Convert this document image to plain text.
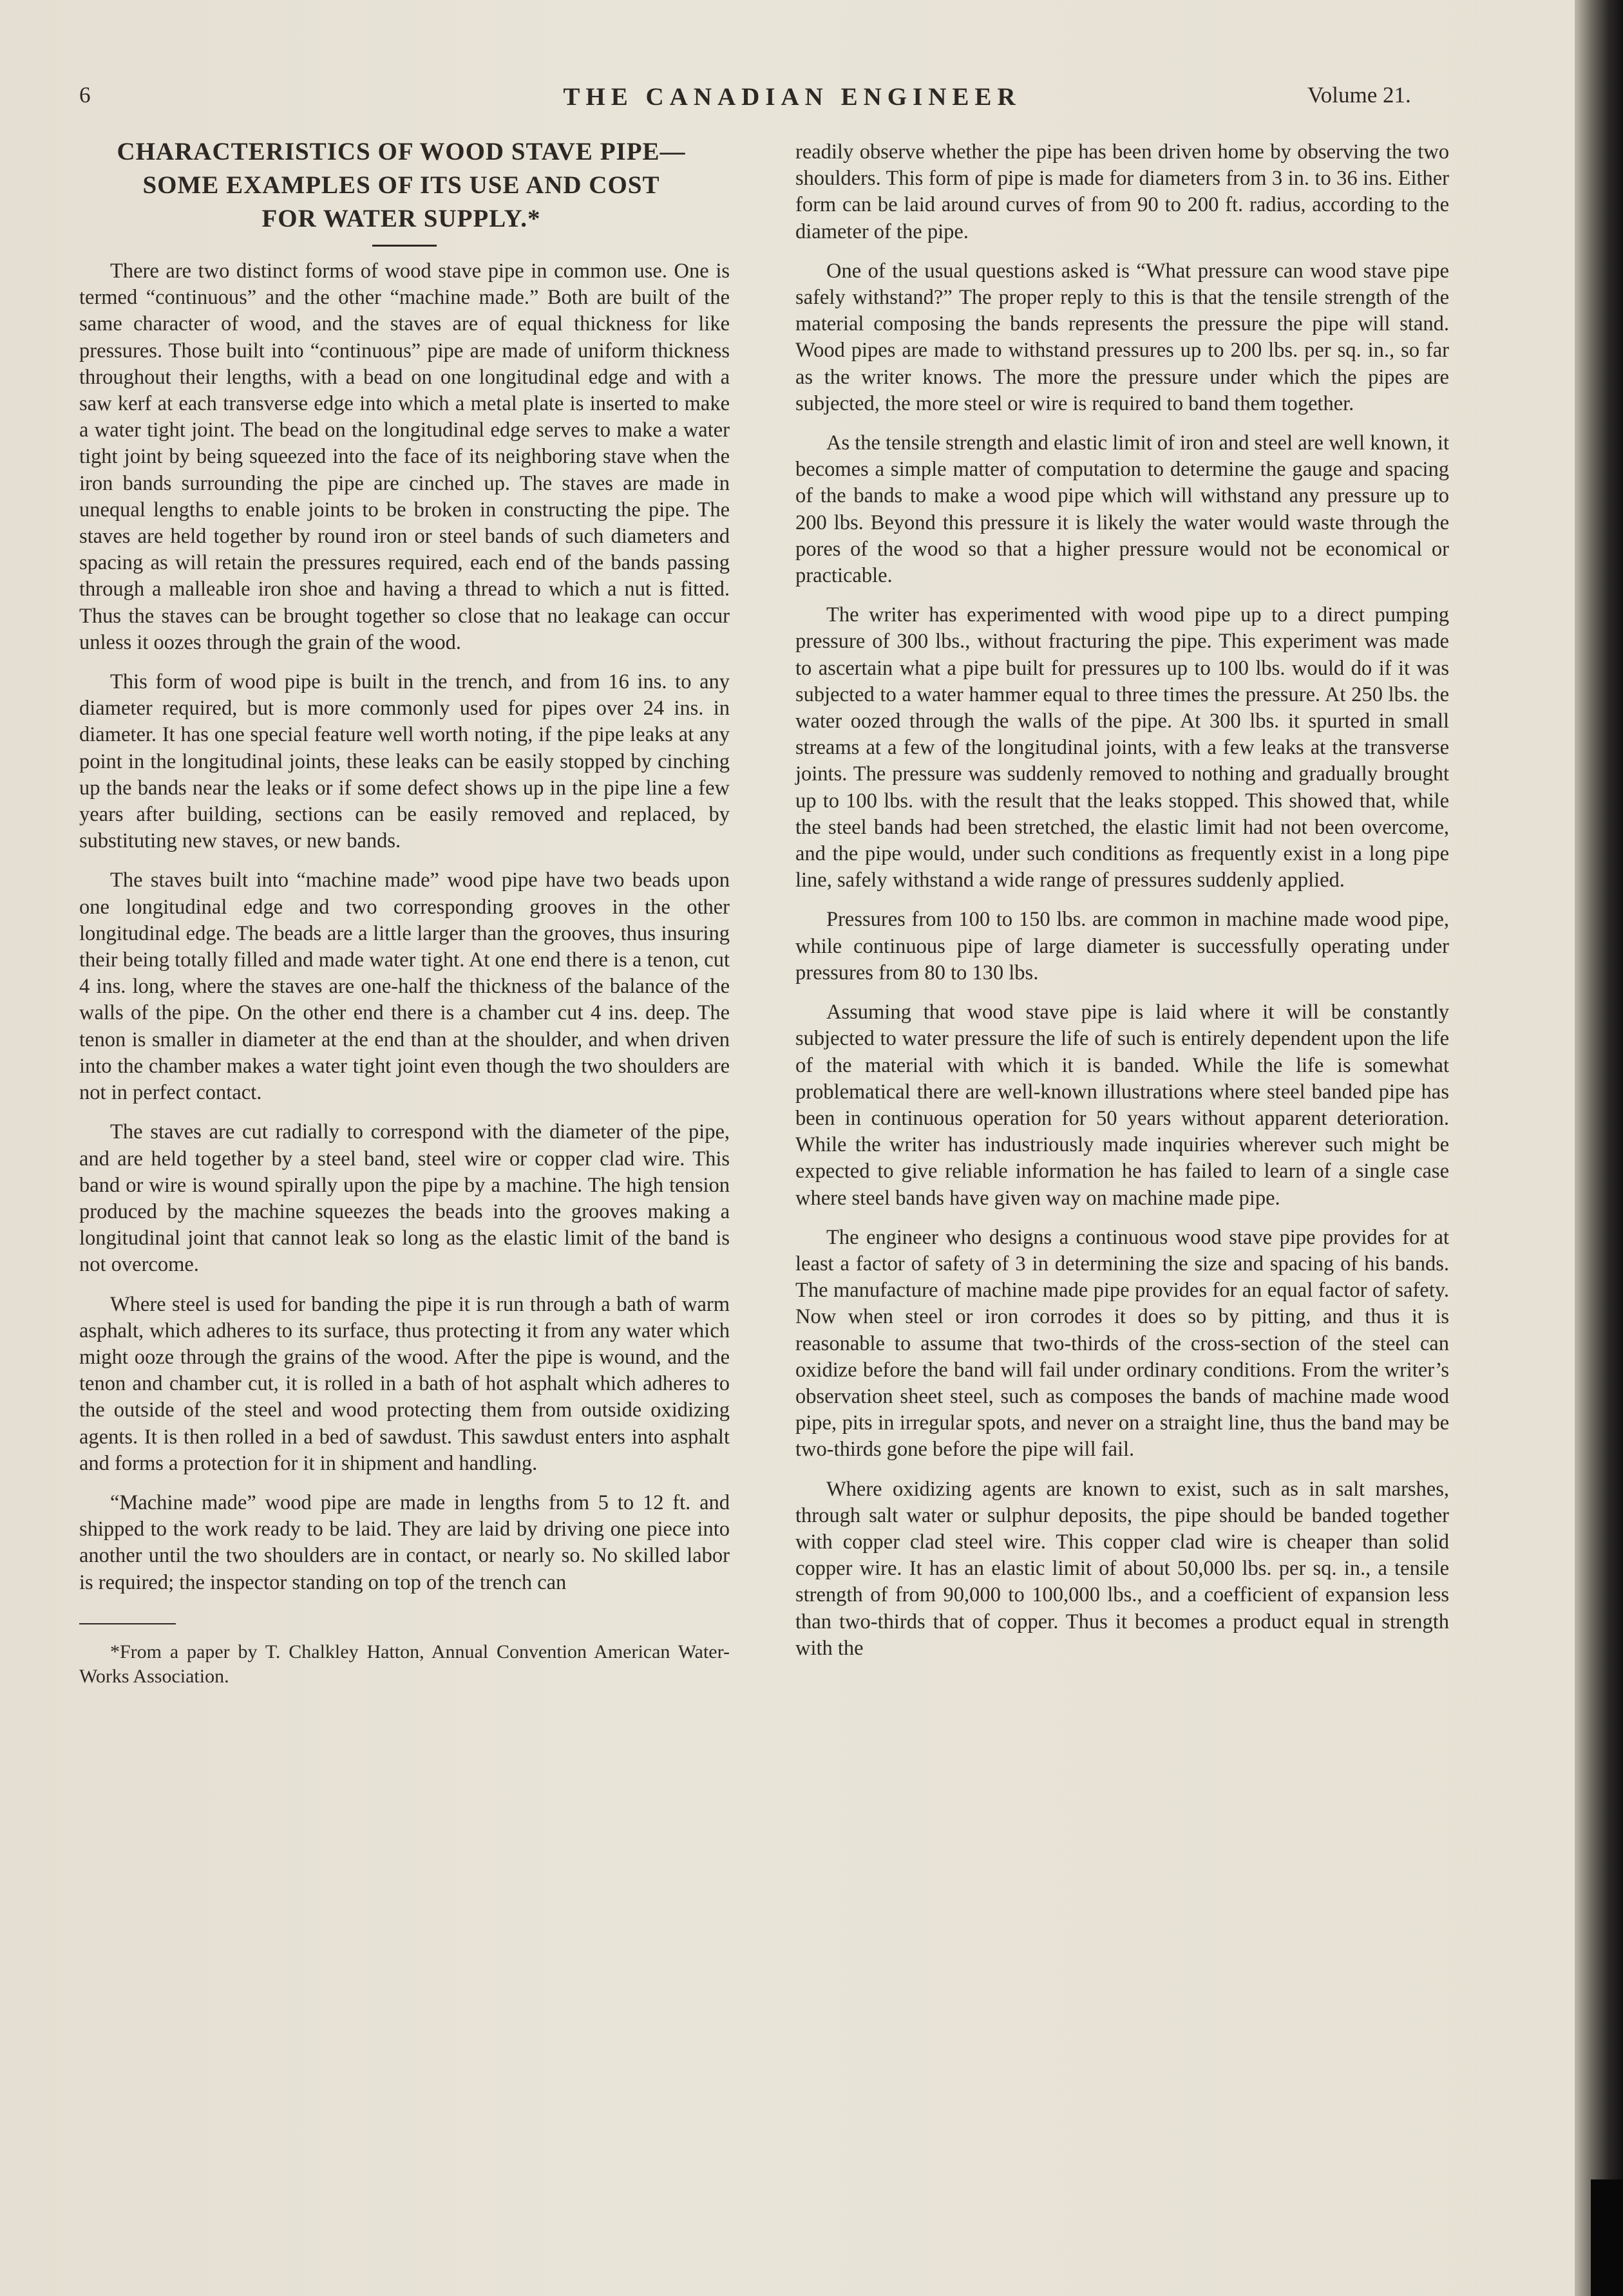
6	THE CANADIAN ENGINEER	Volume 21.
CHARACTERISTICS OF WOOD STAVE PIPE—
SOME EXAMPLES OF ITS USE AND COST
FOR WATER SUPPLY.*

There are two distinct forms of wood stave pipe in common use. One is termed “continuous” and the other “machine made.” Both are built of the same character of wood, and the staves are of equal thickness for like pressures. Those built into “continuous” pipe are made of uniform thickness throughout their lengths, with a bead on one longitudinal edge and with a saw kerf at each transverse edge into which a metal plate is inserted to make a water tight joint. The bead on the longitudinal edge serves to make a water tight joint by being squeezed into the face of its neighboring stave when the iron bands surrounding the pipe are cinched up. The staves are made in unequal lengths to enable joints to be broken in constructing the pipe. The staves are held together by round iron or steel bands of such diameters and spacing as will retain the pressures required, each end of the bands passing through a malleable iron shoe and having a thread to which a nut is fitted. Thus the staves can be brought together so close that no leakage can occur unless it oozes through the grain of the wood.

This form of wood pipe is built in the trench, and from 16 ins. to any diameter required, but is more commonly used for pipes over 24 ins. in diameter. It has one special feature well worth noting, if the pipe leaks at any point in the longitudinal joints, these leaks can be easily stopped by cinching up the bands near the leaks or if some defect shows up in the pipe line a few years after building, sections can be easily removed and replaced, by substituting new staves, or new bands.

The staves built into “machine made” wood pipe have two beads upon one longitudinal edge and two corresponding grooves in the other longitudinal edge. The beads are a little larger than the grooves, thus insuring their being totally filled and made water tight. At one end there is a tenon, cut 4 ins. long, where the staves are one-half the thickness of the balance of the walls of the pipe. On the other end there is a chamber cut 4 ins. deep. The tenon is smaller in diameter at the end than at the shoulder, and when driven into the chamber makes a water tight joint even though the two shoulders are not in perfect contact.

The staves are cut radially to correspond with the diameter of the pipe, and are held together by a steel band, steel wire or copper clad wire. This band or wire is wound spirally upon the pipe by a machine. The high tension produced by the machine squeezes the beads into the grooves making a longitudinal joint that cannot leak so long as the elastic limit of the band is not overcome.

Where steel is used for banding the pipe it is run through a bath of warm asphalt, which adheres to its surface, thus protecting it from any water which might ooze through the grains of the wood. After the pipe is wound, and the tenon and chamber cut, it is rolled in a bath of hot asphalt which adheres to the outside of the steel and wood protecting them from outside oxidizing agents. It is then rolled in a bed of sawdust. This sawdust enters into asphalt and forms a protection for it in shipment and handling.

“Machine made” wood pipe are made in lengths from 5 to 12 ft. and shipped to the work ready to be laid. They are laid by driving one piece into another until the two shoulders are in contact, or nearly so. No skilled labor is required; the inspector standing on top of the trench can

*From a paper by T. Chalkley Hatton, Annual Convention American Water-Works Association.

readily observe whether the pipe has been driven home by observing the two shoulders. This form of pipe is made for diameters from 3 in. to 36 ins. Either form can be laid around curves of from 90 to 200 ft. radius, according to the diameter of the pipe.

One of the usual questions asked is “What pressure can wood stave pipe safely withstand?” The proper reply to this is that the tensile strength of the material composing the bands represents the pressure the pipe will stand. Wood pipes are made to withstand pressures up to 200 lbs. per sq. in., so far as the writer knows. The more the pressure under which the pipes are subjected, the more steel or wire is required to band them together.

As the tensile strength and elastic limit of iron and steel are well known, it becomes a simple matter of computation to determine the gauge and spacing of the bands to make a wood pipe which will withstand any pressure up to 200 lbs. Beyond this pressure it is likely the water would waste through the pores of the wood so that a higher pressure would not be economical or practicable.

The writer has experimented with wood pipe up to a direct pumping pressure of 300 lbs., without fracturing the pipe. This experiment was made to ascertain what a pipe built for pressures up to 100 lbs. would do if it was subjected to a water hammer equal to three times the pressure. At 250 lbs. the water oozed through the walls of the pipe. At 300 lbs. it spurted in small streams at a few of the longitudinal joints, with a few leaks at the transverse joints. The pressure was suddenly removed to nothing and gradually brought up to 100 lbs. with the result that the leaks stopped. This showed that, while the steel bands had been stretched, the elastic limit had not been overcome, and the pipe would, under such conditions as frequently exist in a long pipe line, safely withstand a wide range of pressures suddenly applied.

Pressures from 100 to 150 lbs. are common in machine made wood pipe, while continuous pipe of large diameter is successfully operating under pressures from 80 to 130 lbs.

Assuming that wood stave pipe is laid where it will be constantly subjected to water pressure the life of such is entirely dependent upon the life of the material with which it is banded. While the life is somewhat problematical there are well-known illustrations where steel banded pipe has been in continuous operation for 50 years without apparent deterioration. While the writer has industriously made inquiries wherever such might be expected to give reliable information he has failed to learn of a single case where steel bands have given way on machine made pipe.

The engineer who designs a continuous wood stave pipe provides for at least a factor of safety of 3 in determining the size and spacing of his bands. The manufacture of machine made pipe provides for an equal factor of safety. Now when steel or iron corrodes it does so by pitting, and thus it is reasonable to assume that two-thirds of the cross-section of the steel can oxidize before the band will fail under ordinary conditions. From the writer’s observation sheet steel, such as composes the bands of machine made wood pipe, pits in irregular spots, and never on a straight line, thus the band may be two-thirds gone before the pipe will fail.

Where oxidizing agents are known to exist, such as in salt marshes, through salt water or sulphur deposits, the pipe should be banded together with copper clad steel wire. This copper clad wire is cheaper than solid copper wire. It has an elastic limit of about 50,000 lbs. per sq. in., a tensile strength of from 90,000 to 100,000 lbs., and a coefficient of expansion less than two-thirds that of copper. Thus it becomes a product equal in strength with the
